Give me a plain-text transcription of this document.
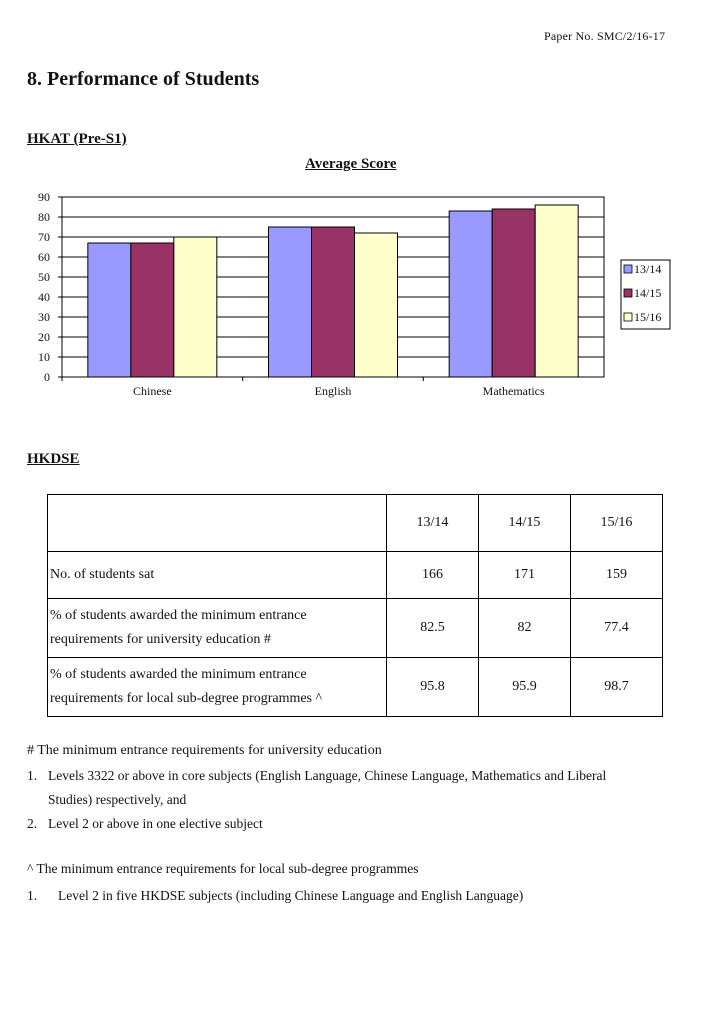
Paper No. SMC/2/16-17
8. Performance of Students
HKAT (Pre-S1)
Average Score
0
10
20
30
40
50
60
70
80
90
Chinese	English	Mathematics
13/14
14/15
15/16
HKDSE
	13/14	14/15	15/16
No. of students sat	166	171	159
% of students awarded the minimum entrance
requirements for university education #	82.5	82	77.4
% of students awarded the minimum entrance
requirements for local sub-degree programmes ^	95.8	95.9	98.7
# The minimum entrance requirements for university education
1. Levels 3322 or above in core subjects (English Language, Chinese Language, Mathematics and Liberal
Studies) respectively, and
2. Level 2 or above in one elective subject
^ The minimum entrance requirements for local sub-degree programmes
1. Level 2 in five HKDSE subjects (including Chinese Language and English Language)
